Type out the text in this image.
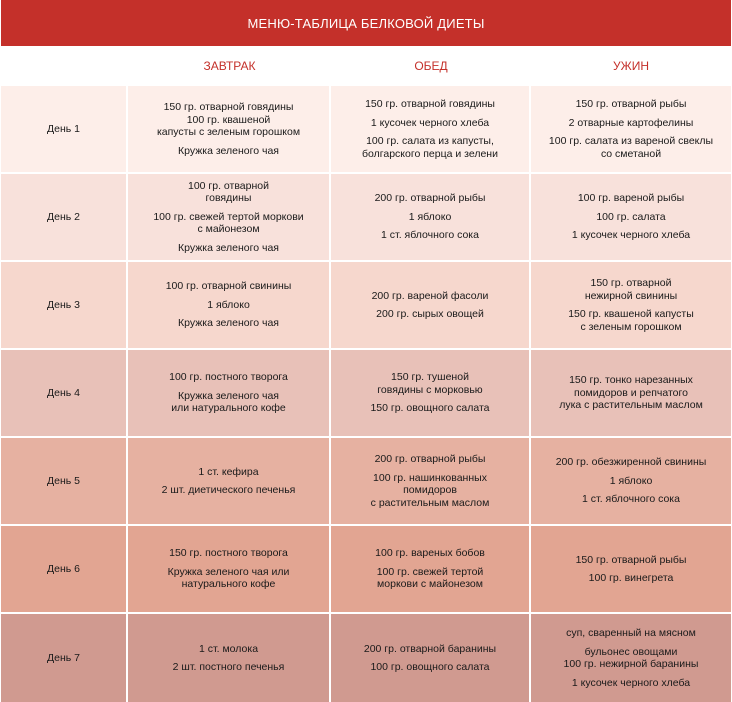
МЕНЮ-ТАБЛИЦА БЕЛКОВОЙ ДИЕТЫ
ЗАВТРАК	ОБЕД	УЖИН
День 1
150 гр. отварной говядины
100 гр. квашеной
капусты с зеленым горошком
Кружка зеленого чая
150 гр. отварной говядины
1 кусочек черного хлеба
100 гр. салата из капусты,
болгарского перца и зелени
150 гр. отварной рыбы
2 отварные картофелины
100 гр. салата из вареной свеклы
со сметаной
День 2
100 гр. отварной
говядины
100 гр. свежей тертой моркови
с майонезом
Кружка зеленого чая
200 гр. отварной рыбы
1 яблоко
1 ст. яблочного сока
100 гр. вареной рыбы
100 гр. салата
1 кусочек черного хлеба
День 3
100 гр. отварной свинины
1 яблоко
Кружка зеленого чая
200 гр. вареной фасоли
200 гр. сырых овощей
150 гр. отварной
нежирной свинины
150 гр. квашеной капусты
с зеленым горошком
День 4
100 гр. постного творога
Кружка зеленого чая
или натурального кофе
150 гр. тушеной
говядины с морковью
150 гр. овощного салата
150 гр. тонко нарезанных
помидоров и репчатого
лука с растительным маслом
День 5
1 ст. кефира
2 шт. диетического печенья
200 гр. отварной рыбы
100 гр. нашинкованных
помидоров
с растительным маслом
200 гр. обезжиренной свинины
1 яблоко
1 ст. яблочного сока
День 6
150 гр. постного творога
Кружка зеленого чая или
натурального кофе
100 гр. вареных бобов
100 гр. свежей тертой
моркови с майонезом
150 гр. отварной рыбы
100 гр. винегрета
День 7
1 ст. молока
2 шт. постного печенья
200 гр. отварной баранины
100 гр. овощного салата
суп, сваренный на мясном
бульонес овощами
100 гр. нежирной баранины
1 кусочек черного хлеба
